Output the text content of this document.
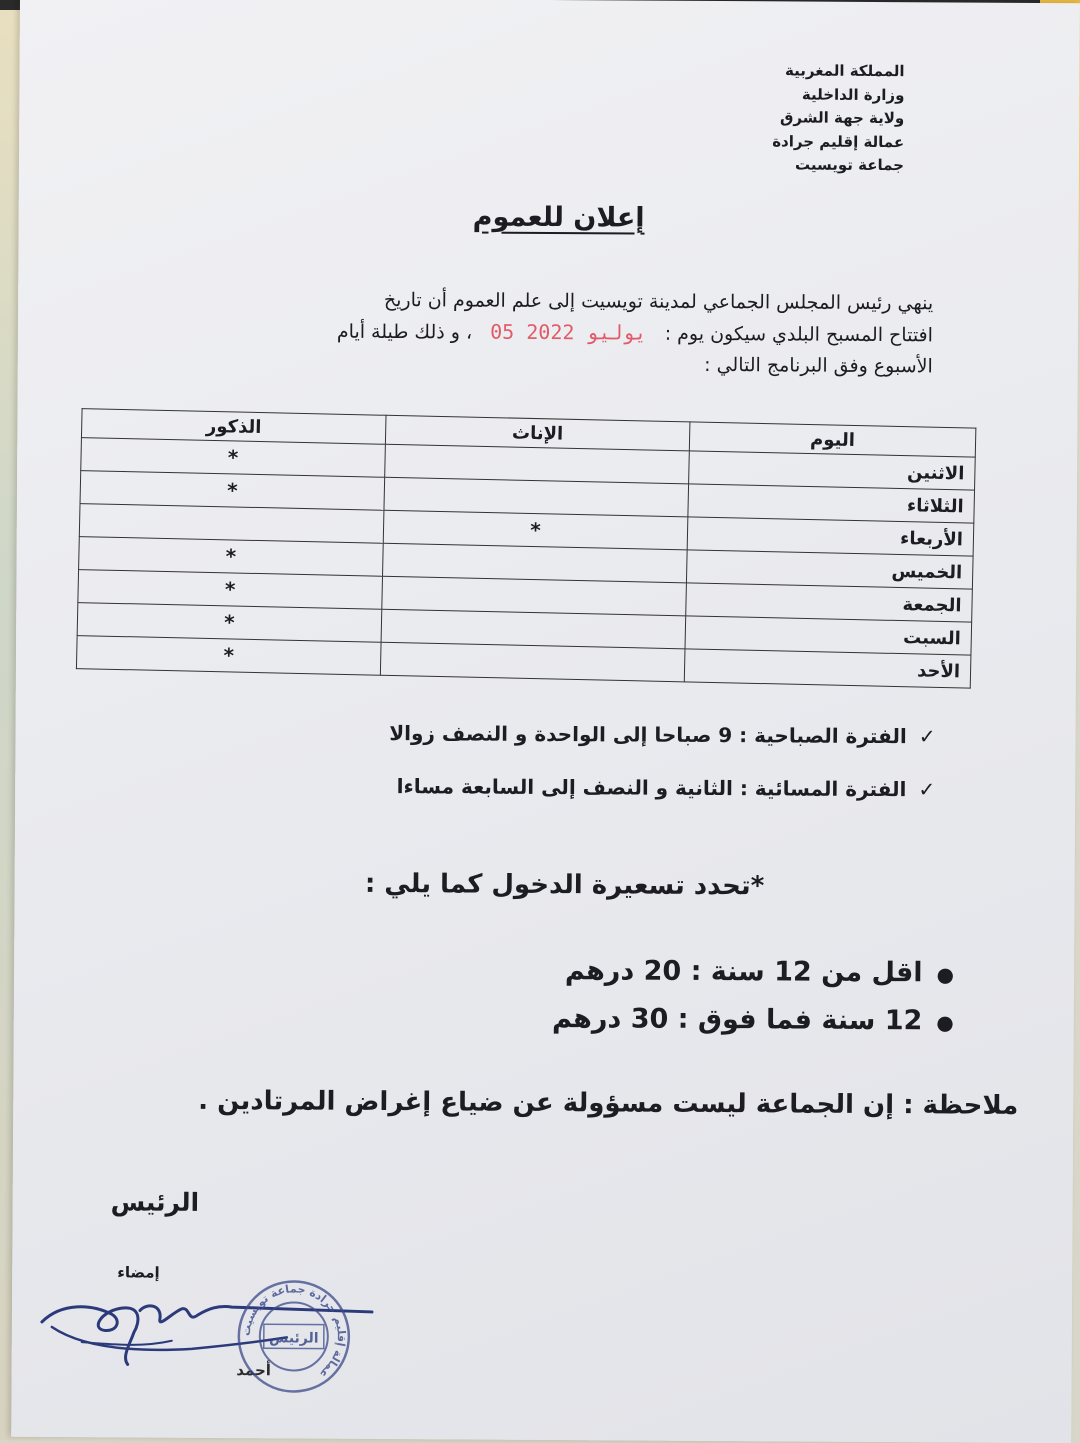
المملكة المغربية
وزارة الداخلية
ولاية جهة الشرق
عمالة إقليم جرادة
جماعة تويسيت
إعلان للعموم
ينهي رئيس المجلس الجماعي لمدينة تويسيت إلى علم العموم أن تاريخ
افتتاح المسبح البلدي سيكون يوم : 05 يوليو 2022 ، و ذلك طيلة أيام
الأسبوع وفق البرنامج التالي :
اليوم	الإناث	الذكور
الاثنين		*
الثلاثاء		*
الأربعاء	*	
الخميس		*
الجمعة		*
السبت		*
الأحد		*
✓الفترة الصباحية : 9 صباحا إلى الواحدة و النصف زوالا
✓الفترة المسائية : الثانية و النصف إلى السابعة مساءا
*تحدد تسعيرة الدخول كما يلي :
●اقل من 12 سنة : 20 درهم
●12 سنة فما فوق : 30 درهم
ملاحظة : إن الجماعة ليست مسؤولة عن ضياع إغراض المرتادين .
الرئيس
إمضاء
أحمد
عمالة إقليم جرادة جماعة تويسيت
الرئيس
